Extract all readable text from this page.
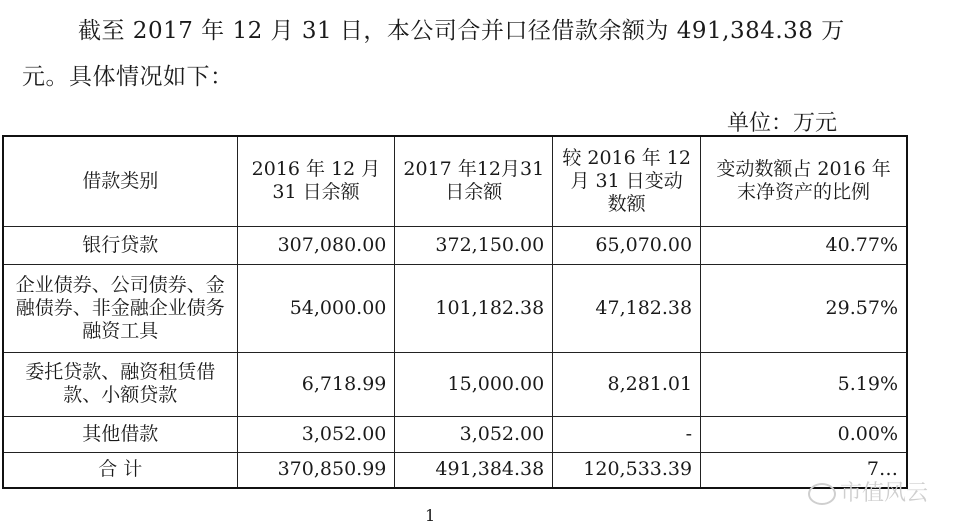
截至 2017 年 12 月 31 日，本公司合并口径借款余额为 491,384.38 万
元。具体情况如下：
单位：万元
借款类别	2016 年 12 月 31 日余额	2017 年12月31 日余额	较 2016 年 12 月 31 日变动数额	变动数额占 2016 年末净资产的比例
银行贷款	307,080.00	372,150.00	65,070.00	40.77%
企业债券、公司债券、金融债券、非金融企业债务融资工具	54,000.00	101,182.38	47,182.38	29.57%
委托贷款、融资租赁借款、小额贷款	6,718.99	15,000.00	8,281.01	5.19%
其他借款	3,052.00	3,052.00	-	0.00%
合 计	370,850.99	491,384.38	120,533.39	7…
1
市值风云
